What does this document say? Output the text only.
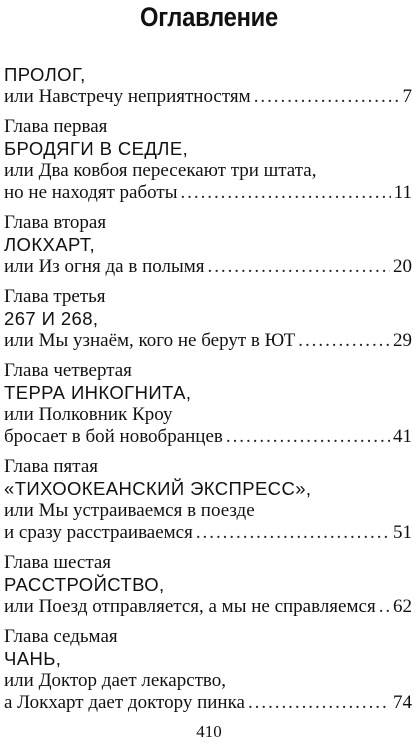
Оглавление
ПРОЛОГ,
или Навстречу неприятностям . . .	7
Глава первая
БРОДЯГИ В СЕДЛЕ,
или Два ковбоя пересекают три штата,
но не находят работы . . .	11
Глава вторая
ЛОКХАРТ,
или Из огня да в полымя . . .	20
Глава третья
267 И 268,
или Мы узнаём, кого не берут в ЮТ . . .	29
Глава четвертая
ТЕРРА ИНКОГНИТА,
или Полковник Кроу
бросает в бой новобранцев . . .	41
Глава пятая
«ТИХООКЕАНСКИЙ ЭКСПРЕСС»,
или Мы устраиваемся в поезде
и сразу расстраиваемся . . .	51
Глава шестая
РАССТРОЙСТВО,
или Поезд отправляется, а мы не справляемся . . . 62
Глава седьмая
ЧАНЬ,
или Доктор дает лекарство,
а Локхарт дает доктору пинка . . .	74
410
